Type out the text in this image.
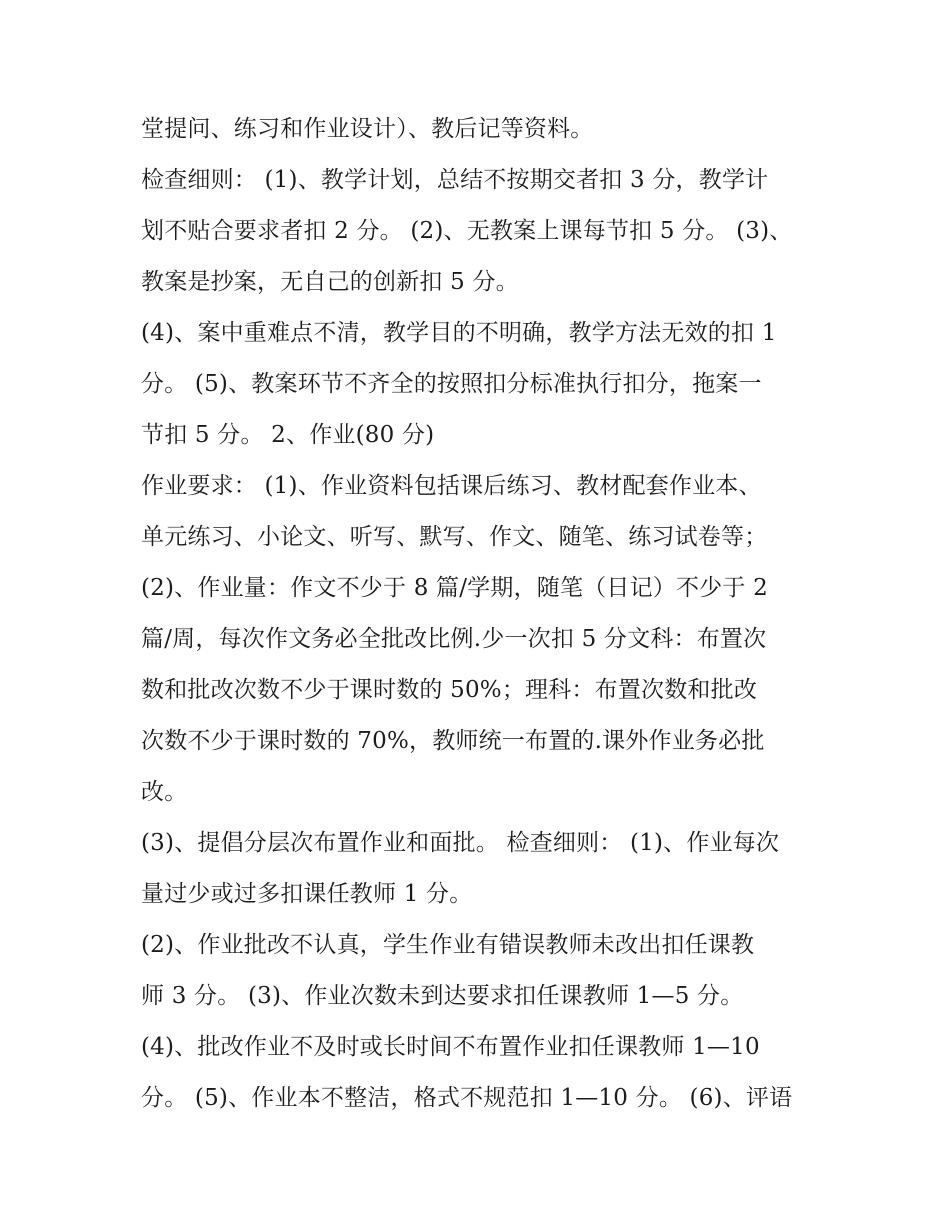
堂提问、练习和作业设计）、教后记等资料。
检查细则： (1)、教学计划，总结不按期交者扣 3 分，教学计
划不贴合要求者扣 2 分。 (2)、无教案上课每节扣 5 分。 (3)、
教案是抄案，无自己的创新扣 5 分。
(4)、案中重难点不清，教学目的不明确，教学方法无效的扣 1
分。 (5)、教案环节不齐全的按照扣分标准执行扣分，拖案一
节扣 5 分。 2、作业(80 分)
作业要求： (1)、作业资料包括课后练习、教材配套作业本、
单元练习、小论文、听写、默写、作文、随笔、练习试卷等；
(2)、作业量：作文不少于 8 篇/学期，随笔（日记）不少于 2
篇/周，每次作文务必全批改比例.少一次扣 5 分文科：布置次
数和批改次数不少于课时数的 50%；理科：布置次数和批改
次数不少于课时数的 70%，教师统一布置的.课外作业务必批
改。
(3)、提倡分层次布置作业和面批。 检查细则： (1)、作业每次
量过少或过多扣课任教师 1 分。
(2)、作业批改不认真，学生作业有错误教师未改出扣任课教
师 3 分。 (3)、作业次数未到达要求扣任课教师 1—5 分。
(4)、批改作业不及时或长时间不布置作业扣任课教师 1—10
分。 (5)、作业本不整洁，格式不规范扣 1—10 分。 (6)、评语
